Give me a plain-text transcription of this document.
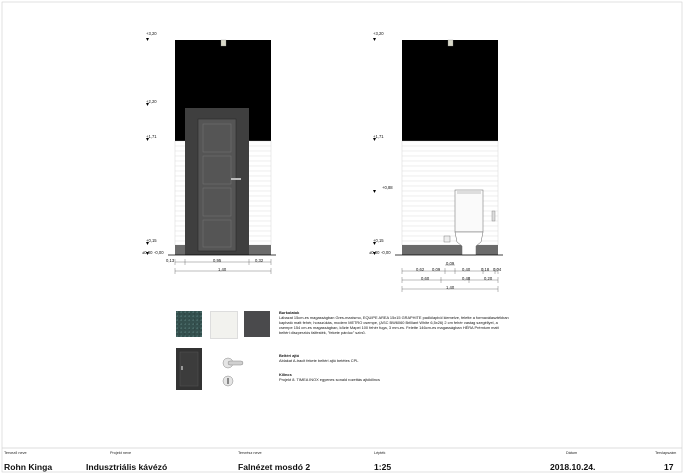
+3,20
+2,20
+1,71
+0,15
±0,00 -0,00
0,13	0,95	0,32
1,40
+3,20
+1,71
+0,88
+0,15
±0,00 -0,00
0,09
0,62 0,09	0,40	0,18 0,04
0,60	0,40	0,20
1,40
Burkolatok
Lábazat 15cm-es magasságban Gres-maxismo, EQUIPE AREA 15x15 GRAPHITE padlólapból kiemelve, felette a formaválasztékban kapható matt fehér, hosszúkás, modern METRO csempe, (ASC BW6060 Brilliant White 6,5x26) 2 cm fehér vastag szegéllyel, a csempe 154 cm-es magasságban, kőzte Mapei 100 fehér fuga, 3 mm-es. Felette 146cm-es magasságban HÉRA Prémium matt beltéri diszperziós falfesték, "fekete párduc" színű.
Beltéri ajtó
Ablakat A-tracit fekete beltéri ajtó betétes CPL
Kilincs
Projekt 8. TIMEA INOX egyenes sonald rozettás ajtókilincs
Tervező neve	Projekt neve	Tervrész neve	Lépték	Dátum	Tervlapszám
Rohn Kinga	Indusztriális kávézó	Falnézet mosdó 2	1:25	2018.10.24.	17
